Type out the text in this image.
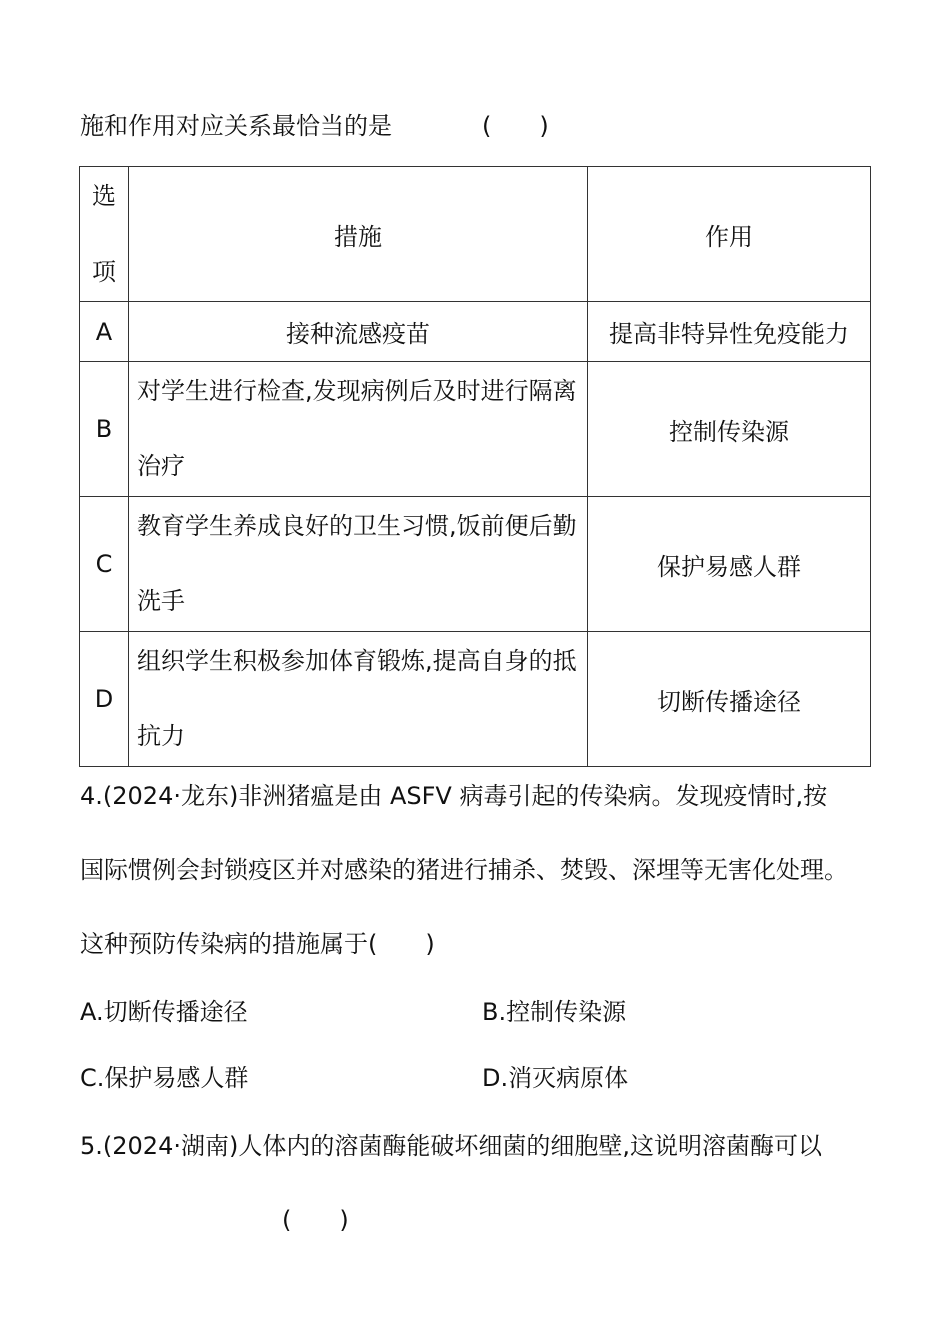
施和作用对应关系最恰当的是	(　　)
选
项	措施	作用
A	接种流感疫苗	提高非特异性免疫能力
B	对学生进行检查,发现病例后及时进行隔离治疗	控制传染源
C	教育学生养成良好的卫生习惯,饭前便后勤洗手	保护易感人群
D	组织学生积极参加体育锻炼,提高自身的抵抗力	切断传播途径
4.(2024·龙东)非洲猪瘟是由 ASFV 病毒引起的传染病。发现疫情时,按
国际惯例会封锁疫区并对感染的猪进行捕杀、焚毁、深埋等无害化处理。
这种预防传染病的措施属于(　　)
A.切断传播途径	B.控制传染源
C.保护易感人群	D.消灭病原体
5.(2024·湖南)人体内的溶菌酶能破坏细菌的细胞壁,这说明溶菌酶可以
(　　)
